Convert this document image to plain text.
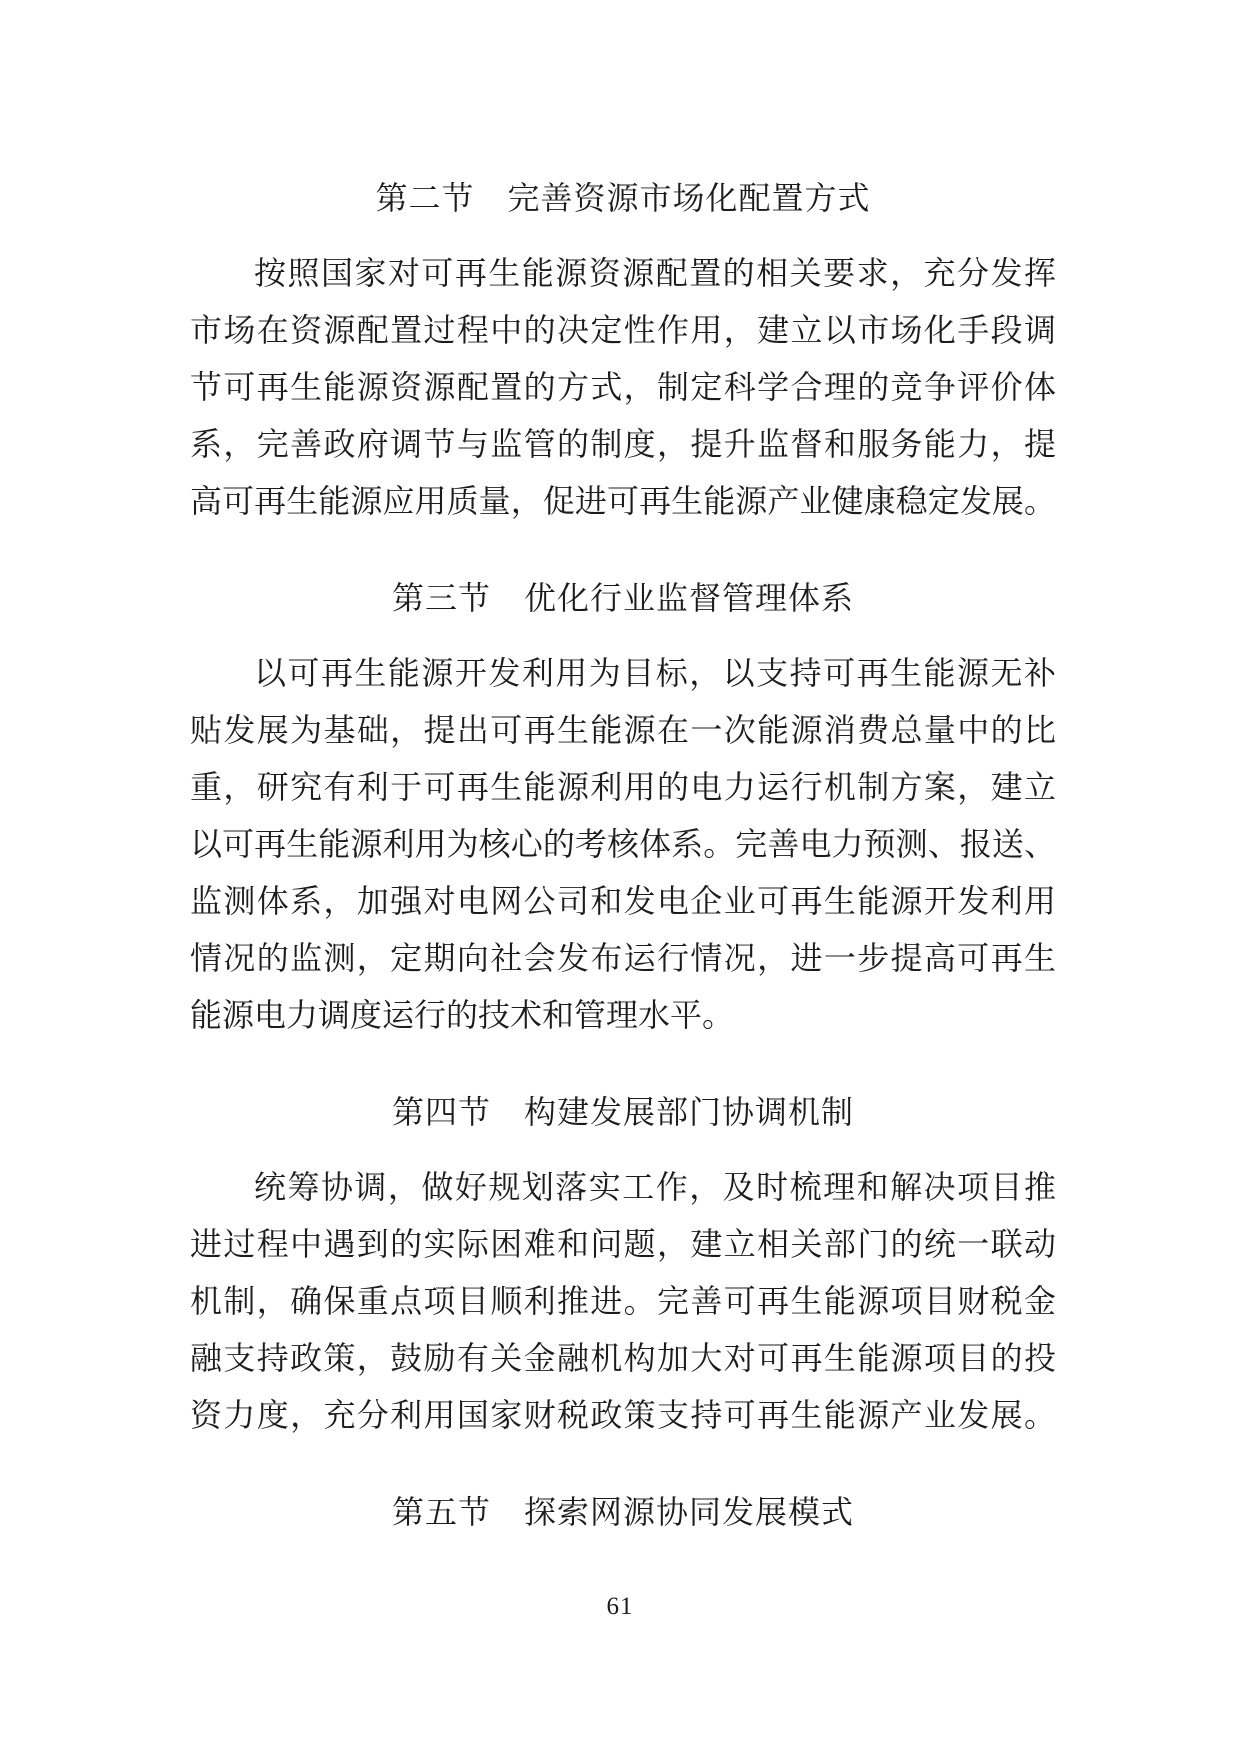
第二节　完善资源市场化配置方式
按照国家对可再生能源资源配置的相关要求，充分发挥
市场在资源配置过程中的决定性作用，建立以市场化手段调
节可再生能源资源配置的方式，制定科学合理的竞争评价体
系，完善政府调节与监管的制度，提升监督和服务能力，提
高可再生能源应用质量，促进可再生能源产业健康稳定发展。
第三节　优化行业监督管理体系
以可再生能源开发利用为目标，以支持可再生能源无补
贴发展为基础，提出可再生能源在一次能源消费总量中的比
重，研究有利于可再生能源利用的电力运行机制方案，建立
以可再生能源利用为核心的考核体系。完善电力预测、报送、
监测体系，加强对电网公司和发电企业可再生能源开发利用
情况的监测，定期向社会发布运行情况，进一步提高可再生
能源电力调度运行的技术和管理水平。
第四节　构建发展部门协调机制
统筹协调，做好规划落实工作，及时梳理和解决项目推
进过程中遇到的实际困难和问题，建立相关部门的统一联动
机制，确保重点项目顺利推进。完善可再生能源项目财税金
融支持政策，鼓励有关金融机构加大对可再生能源项目的投
资力度，充分利用国家财税政策支持可再生能源产业发展。
第五节　探索网源协同发展模式
61
